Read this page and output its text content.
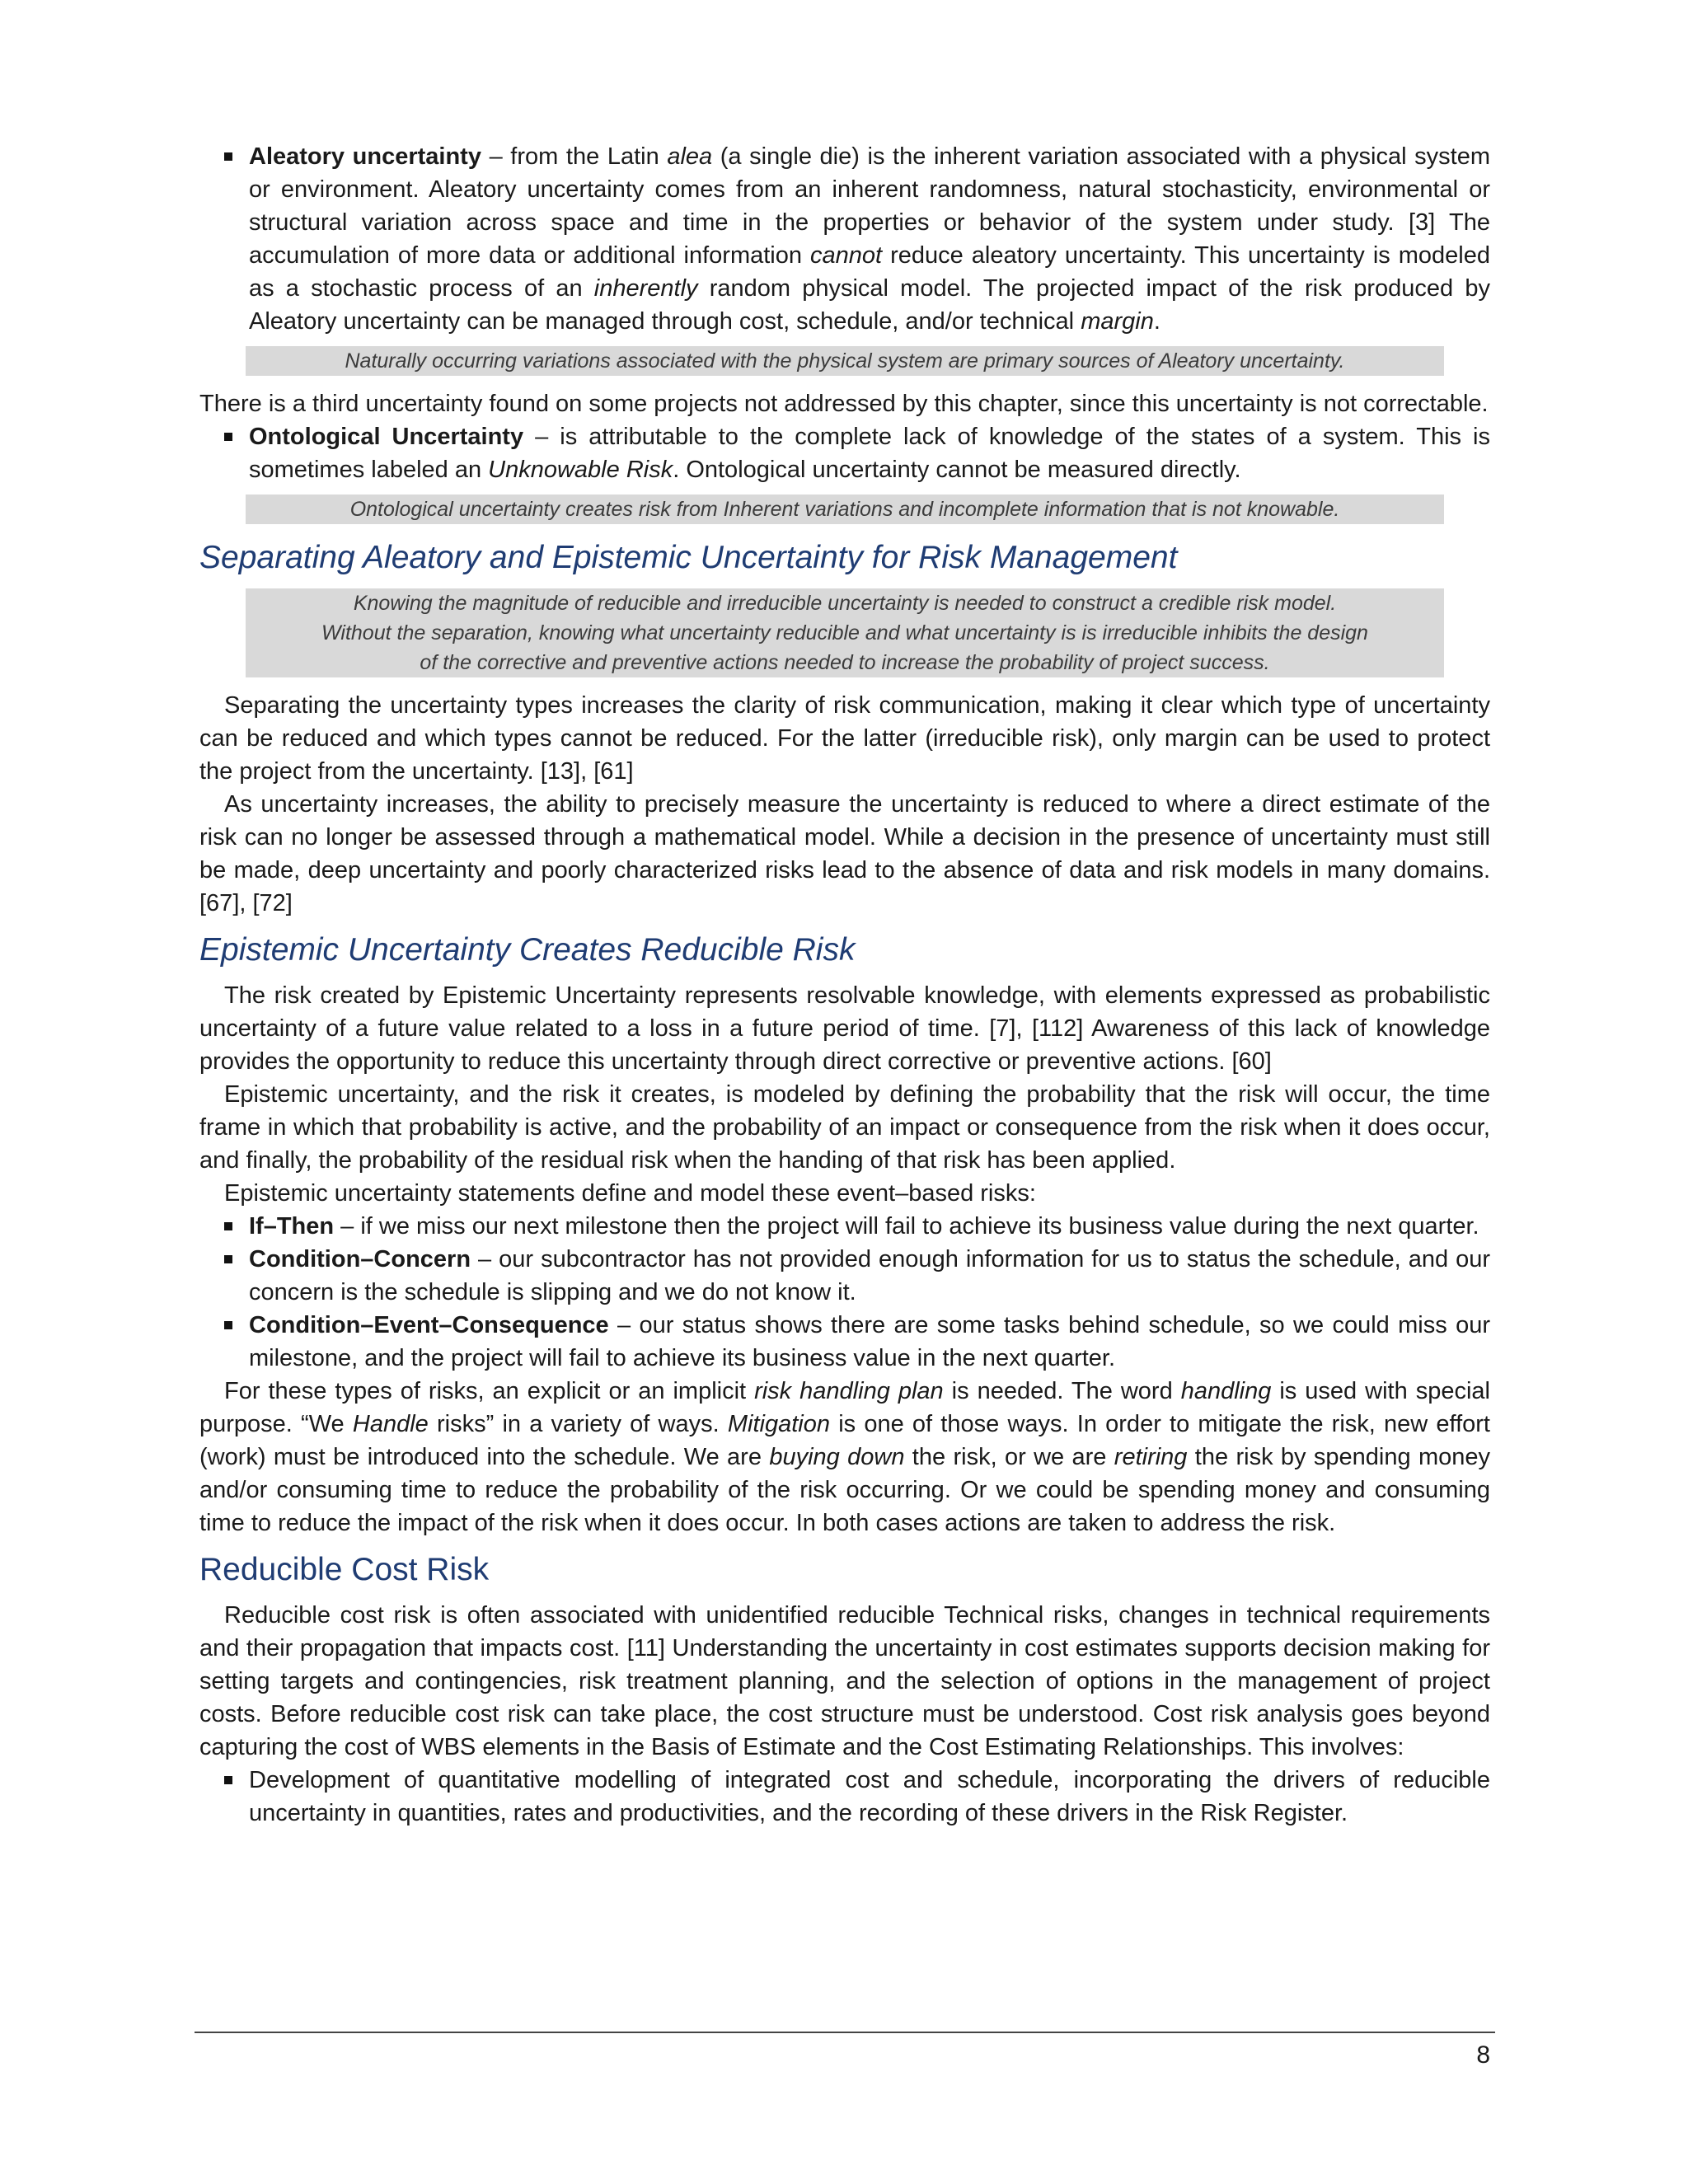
Aleatory uncertainty – from the Latin alea (a single die) is the inherent variation associated with a physical system or environment. Aleatory uncertainty comes from an inherent randomness, natural stochasticity, environmental or structural variation across space and time in the properties or behavior of the system under study. [3] The accumulation of more data or additional information cannot reduce aleatory uncertainty. This uncertainty is modeled as a stochastic process of an inherently random physical model. The projected impact of the risk produced by Aleatory uncertainty can be managed through cost, schedule, and/or technical margin.
Naturally occurring variations associated with the physical system are primary sources of Aleatory uncertainty.

There is a third uncertainty found on some projects not addressed by this chapter, since this uncertainty is not correctable.

Ontological Uncertainty – is attributable to the complete lack of knowledge of the states of a system. This is sometimes labeled an Unknowable Risk. Ontological uncertainty cannot be measured directly.
Ontological uncertainty creates risk from Inherent variations and incomplete information that is not knowable.
Separating Aleatory and Epistemic Uncertainty for Risk Management
Knowing the magnitude of reducible and irreducible uncertainty is needed to construct a credible risk model.
Without the separation, knowing what uncertainty reducible and what uncertainty is is irreducible inhibits the design
of the corrective and preventive actions needed to increase the probability of project success.

Separating the uncertainty types increases the clarity of risk communication, making it clear which type of uncertainty can be reduced and which types cannot be reduced. For the latter (irreducible risk), only margin can be used to protect the project from the uncertainty. [13], [61]

As uncertainty increases, the ability to precisely measure the uncertainty is reduced to where a direct estimate of the risk can no longer be assessed through a mathematical model. While a decision in the presence of uncertainty must still be made, deep uncertainty and poorly characterized risks lead to the absence of data and risk models in many domains. [67], [72]

Epistemic Uncertainty Creates Reducible Risk

The risk created by Epistemic Uncertainty represents resolvable knowledge, with elements expressed as probabilistic uncertainty of a future value related to a loss in a future period of time. [7], [112] Awareness of this lack of knowledge provides the opportunity to reduce this uncertainty through direct corrective or preventive actions. [60]

Epistemic uncertainty, and the risk it creates, is modeled by defining the probability that the risk will occur, the time frame in which that probability is active, and the probability of an impact or consequence from the risk when it does occur, and finally, the probability of the residual risk when the handing of that risk has been applied.

Epistemic uncertainty statements define and model these event–based risks:

If–Then – if we miss our next milestone then the project will fail to achieve its business value during the next quarter.
Condition–Concern – our subcontractor has not provided enough information for us to status the schedule, and our concern is the schedule is slipping and we do not know it.
Condition–Event–Consequence – our status shows there are some tasks behind schedule, so we could miss our milestone, and the project will fail to achieve its business value in the next quarter.

For these types of risks, an explicit or an implicit risk handling plan is needed. The word handling is used with special purpose. “We Handle risks” in a variety of ways. Mitigation is one of those ways. In order to mitigate the risk, new effort (work) must be introduced into the schedule. We are buying down the risk, or we are retiring the risk by spending money and/or consuming time to reduce the probability of the risk occurring. Or we could be spending money and consuming time to reduce the impact of the risk when it does occur. In both cases actions are taken to address the risk.

Reducible Cost Risk

Reducible cost risk is often associated with unidentified reducible Technical risks, changes in technical requirements and their propagation that impacts cost. [11] Understanding the uncertainty in cost estimates supports decision making for setting targets and contingencies, risk treatment planning, and the selection of options in the management of project costs. Before reducible cost risk can take place, the cost structure must be understood. Cost risk analysis goes beyond capturing the cost of WBS elements in the Basis of Estimate and the Cost Estimating Relationships. This involves:

Development of quantitative modelling of integrated cost and schedule, incorporating the drivers of reducible uncertainty in quantities, rates and productivities, and the recording of these drivers in the Risk Register.
8
